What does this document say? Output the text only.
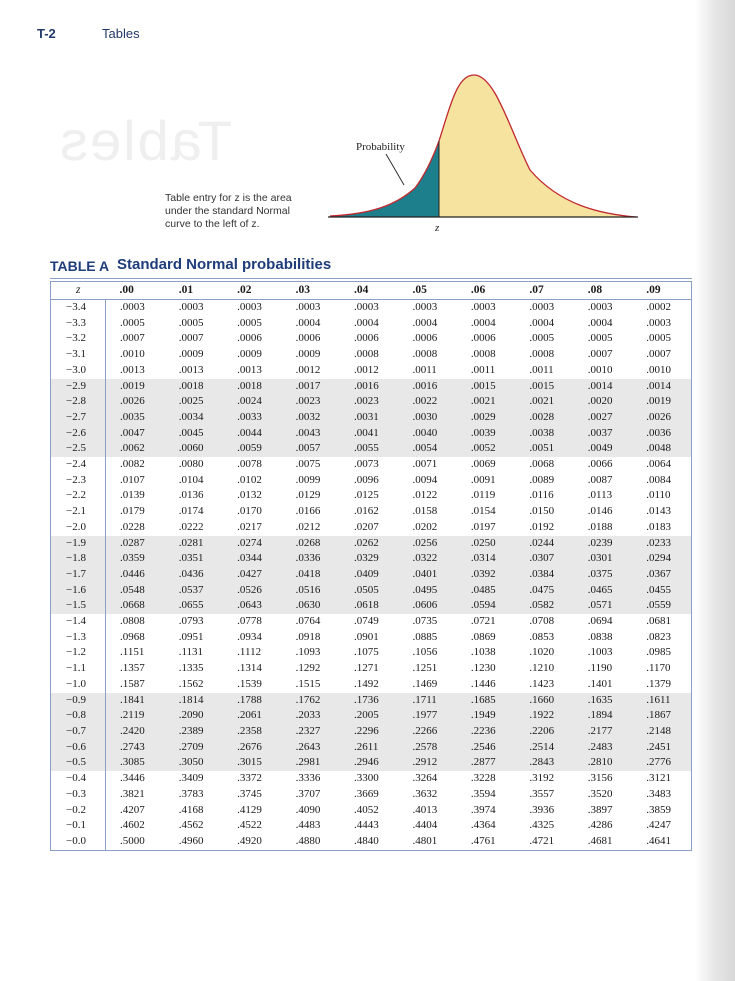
T-2	Tables
Tables	Probability
z
Table entry for z is the area
under the standard Normal
curve to the left of z.
TABLE A Standard Normal probabilities
z	.00	.01	.02	.03	.04	.05	.06	.07	.08	.09
−3.4	.0003	.0003	.0003	.0003	.0003	.0003	.0003	.0003	.0003	.0002
−3.3	.0005	.0005	.0005	.0004	.0004	.0004	.0004	.0004	.0004	.0003
−3.2	.0007	.0007	.0006	.0006	.0006	.0006	.0006	.0005	.0005	.0005
−3.1	.0010	.0009	.0009	.0009	.0008	.0008	.0008	.0008	.0007	.0007
−3.0	.0013	.0013	.0013	.0012	.0012	.0011	.0011	.0011	.0010	.0010
−2.9	.0019	.0018	.0018	.0017	.0016	.0016	.0015	.0015	.0014	.0014
−2.8	.0026	.0025	.0024	.0023	.0023	.0022	.0021	.0021	.0020	.0019
−2.7	.0035	.0034	.0033	.0032	.0031	.0030	.0029	.0028	.0027	.0026
−2.6	.0047	.0045	.0044	.0043	.0041	.0040	.0039	.0038	.0037	.0036
−2.5	.0062	.0060	.0059	.0057	.0055	.0054	.0052	.0051	.0049	.0048
−2.4	.0082	.0080	.0078	.0075	.0073	.0071	.0069	.0068	.0066	.0064
−2.3	.0107	.0104	.0102	.0099	.0096	.0094	.0091	.0089	.0087	.0084
−2.2	.0139	.0136	.0132	.0129	.0125	.0122	.0119	.0116	.0113	.0110
−2.1	.0179	.0174	.0170	.0166	.0162	.0158	.0154	.0150	.0146	.0143
−2.0	.0228	.0222	.0217	.0212	.0207	.0202	.0197	.0192	.0188	.0183
−1.9	.0287	.0281	.0274	.0268	.0262	.0256	.0250	.0244	.0239	.0233
−1.8	.0359	.0351	.0344	.0336	.0329	.0322	.0314	.0307	.0301	.0294
−1.7	.0446	.0436	.0427	.0418	.0409	.0401	.0392	.0384	.0375	.0367
−1.6	.0548	.0537	.0526	.0516	.0505	.0495	.0485	.0475	.0465	.0455
−1.5	.0668	.0655	.0643	.0630	.0618	.0606	.0594	.0582	.0571	.0559
−1.4	.0808	.0793	.0778	.0764	.0749	.0735	.0721	.0708	.0694	.0681
−1.3	.0968	.0951	.0934	.0918	.0901	.0885	.0869	.0853	.0838	.0823
−1.2	.1151	.1131	.1112	.1093	.1075	.1056	.1038	.1020	.1003	.0985
−1.1	.1357	.1335	.1314	.1292	.1271	.1251	.1230	.1210	.1190	.1170
−1.0	.1587	.1562	.1539	.1515	.1492	.1469	.1446	.1423	.1401	.1379
−0.9	.1841	.1814	.1788	.1762	.1736	.1711	.1685	.1660	.1635	.1611
−0.8	.2119	.2090	.2061	.2033	.2005	.1977	.1949	.1922	.1894	.1867
−0.7	.2420	.2389	.2358	.2327	.2296	.2266	.2236	.2206	.2177	.2148
−0.6	.2743	.2709	.2676	.2643	.2611	.2578	.2546	.2514	.2483	.2451
−0.5	.3085	.3050	.3015	.2981	.2946	.2912	.2877	.2843	.2810	.2776
−0.4	.3446	.3409	.3372	.3336	.3300	.3264	.3228	.3192	.3156	.3121
−0.3	.3821	.3783	.3745	.3707	.3669	.3632	.3594	.3557	.3520	.3483
−0.2	.4207	.4168	.4129	.4090	.4052	.4013	.3974	.3936	.3897	.3859
−0.1	.4602	.4562	.4522	.4483	.4443	.4404	.4364	.4325	.4286	.4247
−0.0	.5000	.4960	.4920	.4880	.4840	.4801	.4761	.4721	.4681	.4641
